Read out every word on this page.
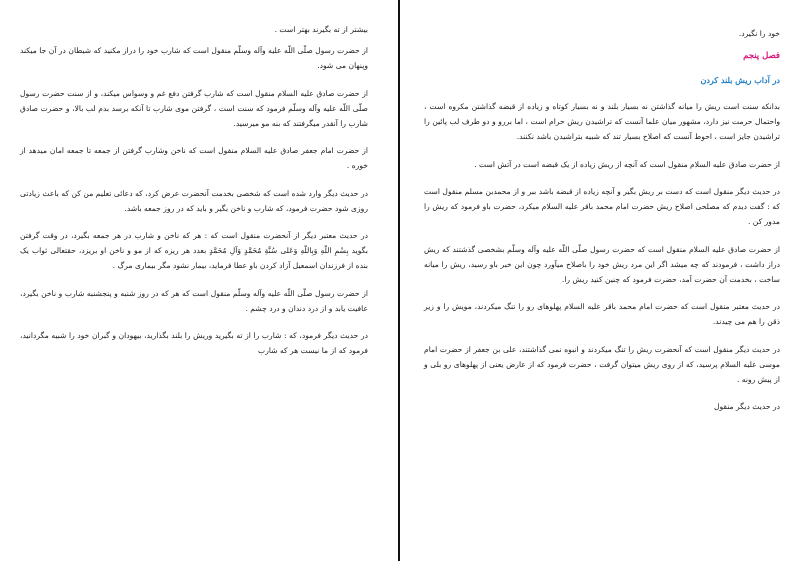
بیشتر از ته بگیرند بهتر است .

از حضرت رسول صلّی اللّه علیه وآله وسلّم منقول است که شارب خود را دراز مکنید که شیطان در آن جا میکند وپنهان می شود.

از حضرت صادق علیه السلام منقول است که شارب گرفتن دفع غم و وسواس میکند، و از سنت حضرت رسول صلّی اللّه علیه وآله وسلّم فرمود که سنت است ، گرفتن موی شارب تا آنکه برسد بدم لب بالا، و حضرت صادق شارب را آنقدر میگرفتند که بنه مو میرسید.

از حضرت امام جعفر صادق علیه السلام منقول است که ناخن وشارب گرفتن از جمعه تا جمعه امان میدهد از خوره .

در حدیث دیگر وارد شده است که شخصی بخدمت آنحضرت عرض کرد، که دعائی تعلیم من کن که باعث زیادتی روزی شود حضرت فرمود، که شارب و ناخن بگیر و باید که در روز جمعه باشد.

در حدیث معتبر دیگر از آنحضرت منقول است که : هر که ناخن و شارب در هر جمعه بگیرد، در وقت گرفتن بگوید بِسْمِ اللّهِ وَبِاللّهِ وَعَلی سُنَّةِ مُحَمَّدٍ وَآلِ مُحَمَّدٍ بعدد هر ریزه که از مو و ناخن او بریزد، حقتعالی ثواب یک بنده از فرزندان اسمعیل آزاد کردن باو عطا فرماید، بیمار نشود مگر بیماری مرگ .

از حضرت رسول صلّی اللّه علیه وآله وسلّم منقول است که هر که در روز شنبه و پنجشنبه شارب و ناخن بگیرد، عافیت یابد و از درد دندان و درد چشم .

در حدیث دیگر فرمود، که : شارب را از ته بگیرید وریش را بلند بگذارید، بیهودان و گبران خود را شبیه مگردانید، فرمود که از ما نیست هر که شارب

خود را نگیرد.

فصل پنجم
در آداب ریش بلند کردن

بدانکه سنت است ریش را میانه گذاشتن نه بسیار بلند و نه بسیار کوتاه و زیاده از قبضه گذاشتن مکروه است ، واحتمال حرمت نیز دارد، مشهور میان علما آنست که تراشیدن ریش حرام است ، اما بررو و دو طرف لب پائین را تراشیدن جایز است ، احوط آنست که اصلاح بسیار تند که شبیه بتراشیدن باشد نکنند.

از حضرت صادق علیه السلام منقول است که آنچه از ریش زیاده از یک قبضه است در آتش است .

در حدیث دیگر منقول است که دست بر ریش بگیر و آنچه زیاده از قبضه باشد ببر و از محمدبن مسلم منقول است که : گفت دیدم که مصلحی اصلاح ریش حضرت امام محمد باقر علیه السلام میکرد، حضرت باو فرمود که ریش را مدور کن .

از حضرت صادق علیه السلام منقول است که حضرت رسول صلّی اللّه علیه وآله وسلّم بشخصی گذشتند که ریش دراز داشت ، فرمودند که چه میشد اگر این مرد ریش خود را باصلاح میآورد چون این خبر باو رسید، ریش را میانه ساخت ، بخدمت آن حضرت آمد، حضرت فرمود که چنین کنید ریش را.

در حدیث معتبر منقول است که حضرت امام محمد باقر علیه السلام پهلوهای رو را تنگ میکردند، مویش را و زیر ذقن را هم می چیدند.

در حدیث دیگر منقول است که آنحضرت ریش را تنگ میکردند و انبوه نمی گذاشتند، علی بن جعفر از حضرت امام موسی علیه السلام پرسید، که از روی ریش میتوان گرفت ، حضرت فرمود که از عارض یعنی از پهلوهای رو بلی و از پیش رونه .

در حدیث دیگر منقول
